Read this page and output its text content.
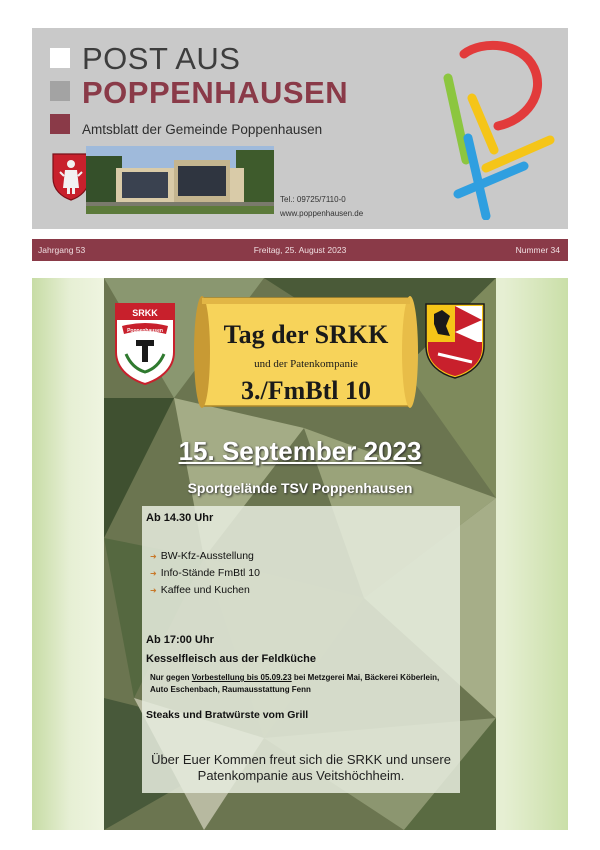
POST AUS
POPPENHAUSEN
Amtsblatt der Gemeinde Poppenhausen
Tel.: 09725/7110-0
www.poppenhausen.de
Jahrgang 53	Freitag, 25. August 2023	Nummer 34
SRKK
Poppenhausen	Tag der SRKK
und der Patenkompanie
3./FmBtl 10
15. September 2023
Sportgelände TSV Poppenhausen
Ab 14.30 Uhr
➜ BW-Kfz-Ausstellung
➜ Info-Stände FmBtl 10
➜ Kaffee und Kuchen
Ab 17:00 Uhr
Kesselfleisch aus der Feldküche
Nur gegen Vorbestellung bis 05.09.23 bei Metzgerei Mai, Bäckerei Köberlein, Auto Eschenbach, Raumausstattung Fenn
Steaks und Bratwürste vom Grill
Über Euer Kommen freut sich die SRKK und unsere Patenkompanie aus Veitshöchheim.
